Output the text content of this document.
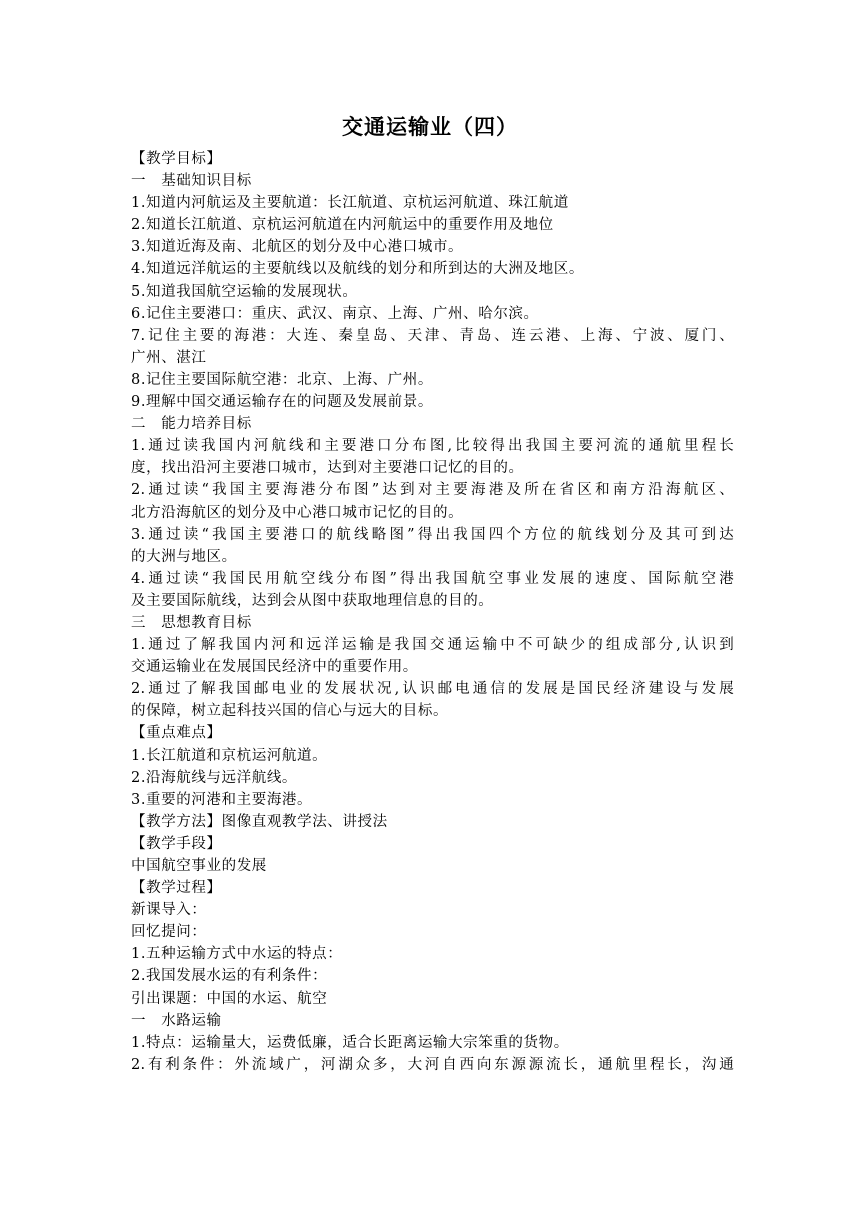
交通运输业（四）
【教学目标】
一　基础知识目标
1.知道内河航运及主要航道：长江航道、京杭运河航道、珠江航道
2.知道长江航道、京杭运河航道在内河航运中的重要作用及地位
3.知道近海及南、北航区的划分及中心港口城市。
4.知道远洋航运的主要航线以及航线的划分和所到达的大洲及地区。
5.知道我国航空运输的发展现状。
6.记住主要港口：重庆、武汉、南京、上海、广州、哈尔滨。
7.记住主要的海港：大连、秦皇岛、天津、青岛、连云港、上海、宁波、厦门、
广州、湛江
8.记住主要国际航空港：北京、上海、广州。
9.理解中国交通运输存在的问题及发展前景。
二　能力培养目标
1.通过读我国内河航线和主要港口分布图,比较得出我国主要河流的通航里程长
度，找出沿河主要港口城市，达到对主要港口记忆的目的。
2.通过读“我国主要海港分布图”达到对主要海港及所在省区和南方沿海航区、
北方沿海航区的划分及中心港口城市记忆的目的。
3.通过读“我国主要港口的航线略图”得出我国四个方位的航线划分及其可到达
的大洲与地区。
4.通过读“我国民用航空线分布图”得出我国航空事业发展的速度、国际航空港
及主要国际航线，达到会从图中获取地理信息的目的。
三　思想教育目标
1.通过了解我国内河和远洋运输是我国交通运输中不可缺少的组成部分,认识到
交通运输业在发展国民经济中的重要作用。
2.通过了解我国邮电业的发展状况,认识邮电通信的发展是国民经济建设与发展
的保障，树立起科技兴国的信心与远大的目标。
【重点难点】
1.长江航道和京杭运河航道。
2.沿海航线与远洋航线。
3.重要的河港和主要海港。
【教学方法】图像直观教学法、讲授法
【教学手段】
中国航空事业的发展
【教学过程】
新课导入：
回忆提问：
1.五种运输方式中水运的特点：
2.我国发展水运的有利条件：
引出课题：中国的水运、航空
一　水路运输
1.特点：运输量大，运费低廉，适合长距离运输大宗笨重的货物。
2.有利条件：外流域广，河湖众多，大河自西向东源源流长，通航里程长，沟通
